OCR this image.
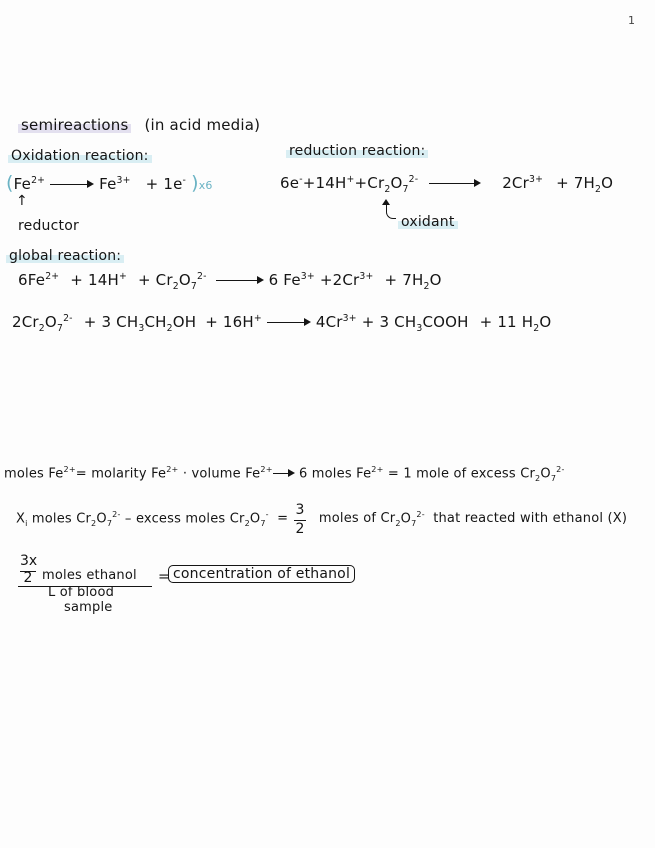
1
semireactions (in acid media)
Oxidation reaction:
($Fe^{2+}$	$Fe^{3+} + 1e^-$ )x6
↑
reductor
reduction reaction:
$6e^-+14H^++Cr_2O_7^{2-}$	$2Cr^{3+} + 7H_2O$
oxidant
global reaction:
$6Fe^{2+} + 14H^+ + Cr_2O_7^{2-}$	6 $Fe^{3+} +2Cr^{3+} + 7H_2O$
$2Cr_2O_7^{2-} + 3$ $CH_3CH_2OH + 16H^+$	$4Cr^{3+} + 3$ $CH_3COOH + 11$ $H_2O$
moles $Fe^{2+}=$ molarity $Fe^{2+}$ · volume $Fe^{2+}$ 6 moles $Fe^{2+} = 1$ mole of excess $Cr_2O_7^{2-}$
$X_i$ moles $Cr_2O_7^{2-}$ – excess moles $Cr_2O_7^-$ = moles of $Cr_2O_7^{2-}$ that reacted with ethanol (X)
3
2
3x
2 moles ethanol
L of blood
sample
= concentration of ethanol
